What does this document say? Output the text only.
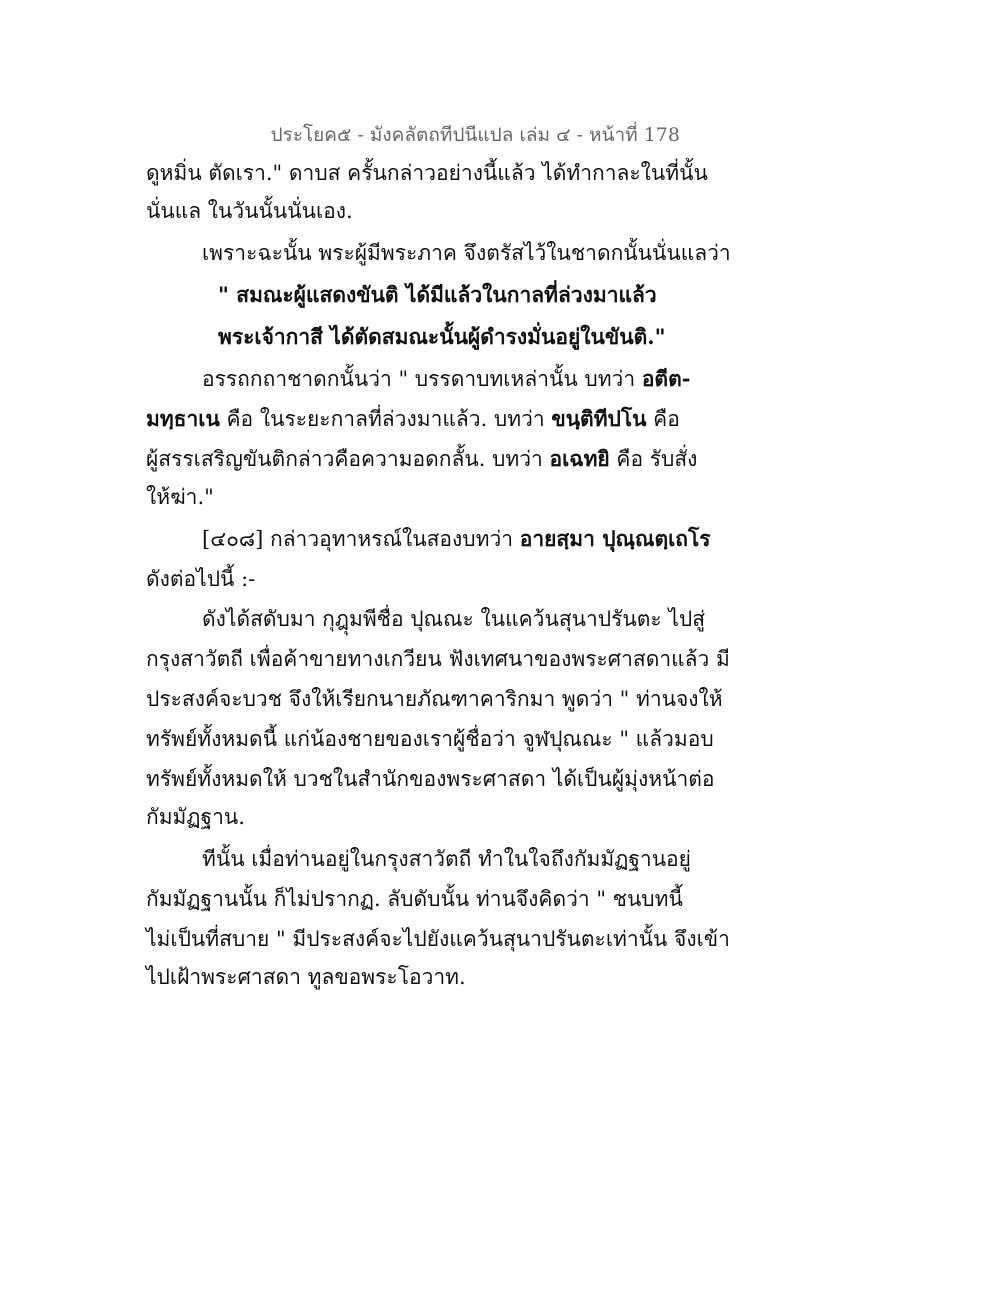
ประโยค๕ - มังคลัตถทีปนีแปล เล่ม ๔ - หน้าที่ 178
ดูหมิ่น ตัดเรา." ดาบส ครั้นกล่าวอย่างนี้แล้ว ได้ทำกาละในที่นั้น
นั่นแล ในวันนั้นนั่นเอง.
เพราะฉะนั้น พระผู้มีพระภาค จึงตรัสไว้ในชาดกนั้นนั่นแลว่า
" สมณะผู้แสดงขันติ ได้มีแล้วในกาลที่ล่วงมาแล้ว
พระเจ้ากาสี ได้ตัดสมณะนั้นผู้ดำรงมั่นอยู่ในขันติ."
อรรถกถาชาดกนั้นว่า " บรรดาบทเหล่านั้น บทว่า อตีต-
มทฺธาเน คือ ในระยะกาลที่ล่วงมาแล้ว. บทว่า ขนฺติทีปโน คือ
ผู้สรรเสริญขันติกล่าวคือความอดกลั้น. บทว่า อเฉทยิ คือ รับสั่ง
ให้ฆ่า."
[๔๐๘] กล่าวอุทาหรณ์ในสองบทว่า อายสฺมา ปุณฺณตฺเถโร
ดังต่อไปนี้ :-
ดังได้สดับมา กุฎุมพีชื่อ ปุณณะ ในแคว้นสุนาปรันตะ ไปสู่
กรุงสาวัตถี เพื่อค้าขายทางเกวียน ฟังเทศนาของพระศาสดาแล้ว มี
ประสงค์จะบวช จึงให้เรียกนายภัณฑาคาริกมา พูดว่า " ท่านจงให้
ทรัพย์ทั้งหมดนี้ แก่น้องชายของเราผู้ชื่อว่า จูฬปุณณะ " แล้วมอบ
ทรัพย์ทั้งหมดให้ บวชในสำนักของพระศาสดา ได้เป็นผู้มุ่งหน้าต่อ
กัมมัฏฐาน.
ทีนั้น เมื่อท่านอยู่ในกรุงสาวัตถี ทำในใจถึงกัมมัฏฐานอยู่
กัมมัฏฐานนั้น ก็ไม่ปรากฏ. ลับดับนั้น ท่านจึงคิดว่า " ชนบทนี้
ไม่เป็นที่สบาย " มีประสงค์จะไปยังแคว้นสุนาปรันตะเท่านั้น จึงเข้า
ไปเฝ้าพระศาสดา ทูลขอพระโอวาท.
